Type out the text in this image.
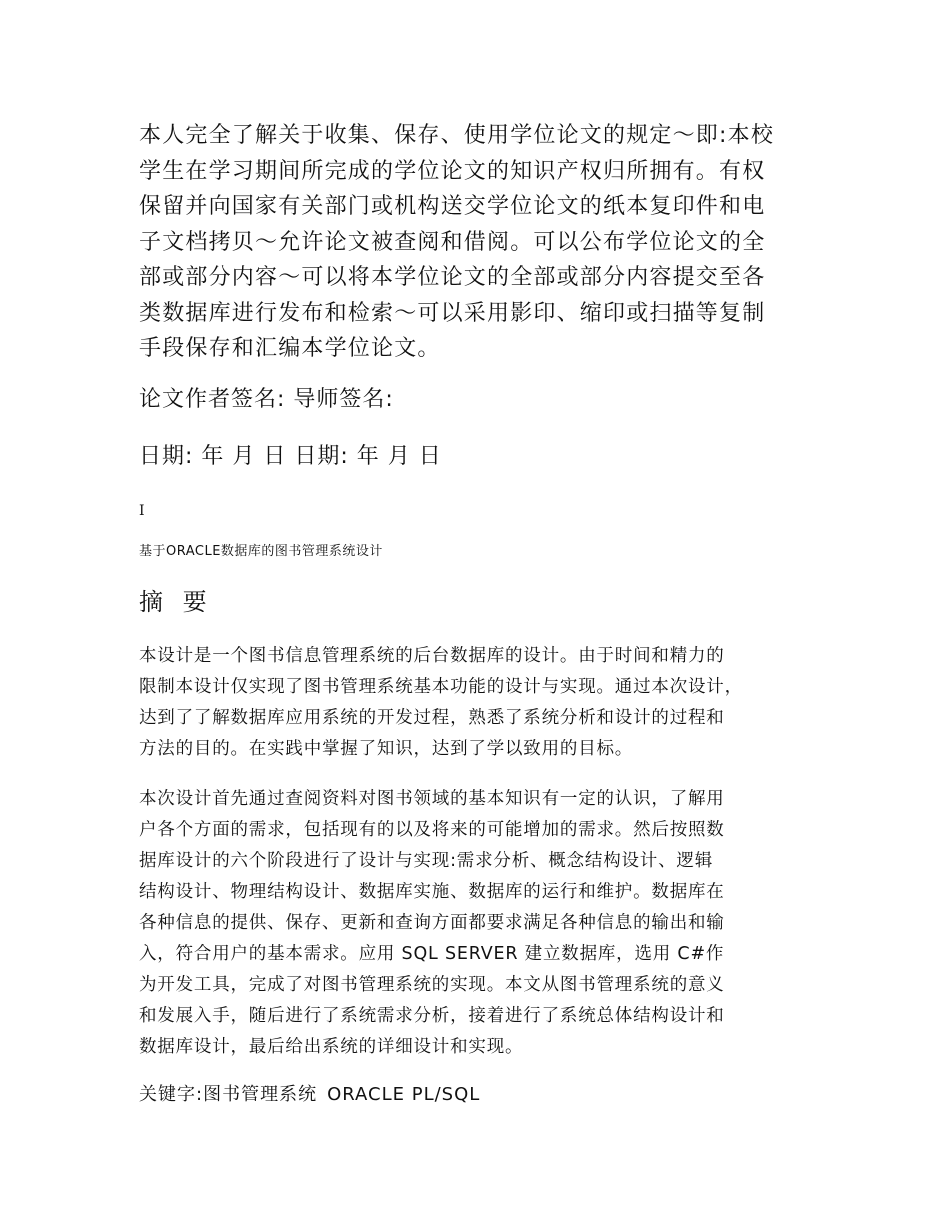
本人完全了解关于收集、保存、使用学位论文的规定～即:本校
学生在学习期间所完成的学位论文的知识产权归所拥有。有权
保留并向国家有关部门或机构送交学位论文的纸本复印件和电
子文档拷贝～允许论文被查阅和借阅。可以公布学位论文的全
部或部分内容～可以将本学位论文的全部或部分内容提交至各
类数据库进行发布和检索～可以采用影印、缩印或扫描等复制
手段保存和汇编本学位论文。

论文作者签名: 导师签名:
日期: 年 月 日 日期: 年 月 日
I
基于ORACLE数据库的图书管理系统设计
摘 要

本设计是一个图书信息管理系统的后台数据库的设计。由于时间和精力的
限制本设计仅实现了图书管理系统基本功能的设计与实现。通过本次设计，
达到了了解数据库应用系统的开发过程，熟悉了系统分析和设计的过程和
方法的目的。在实践中掌握了知识，达到了学以致用的目标。

本次设计首先通过查阅资料对图书领域的基本知识有一定的认识，了解用
户各个方面的需求，包括现有的以及将来的可能增加的需求。然后按照数
据库设计的六个阶段进行了设计与实现:需求分析、概念结构设计、逻辑
结构设计、物理结构设计、数据库实施、数据库的运行和维护。数据库在
各种信息的提供、保存、更新和查询方面都要求满足各种信息的输出和输
入，符合用户的基本需求。应用 SQL SERVER 建立数据库，选用 C#作
为开发工具，完成了对图书管理系统的实现。本文从图书管理系统的意义
和发展入手，随后进行了系统需求分析，接着进行了系统总体结构设计和
数据库设计，最后给出系统的详细设计和实现。

关键字:图书管理系统 ORACLE PL/SQL
